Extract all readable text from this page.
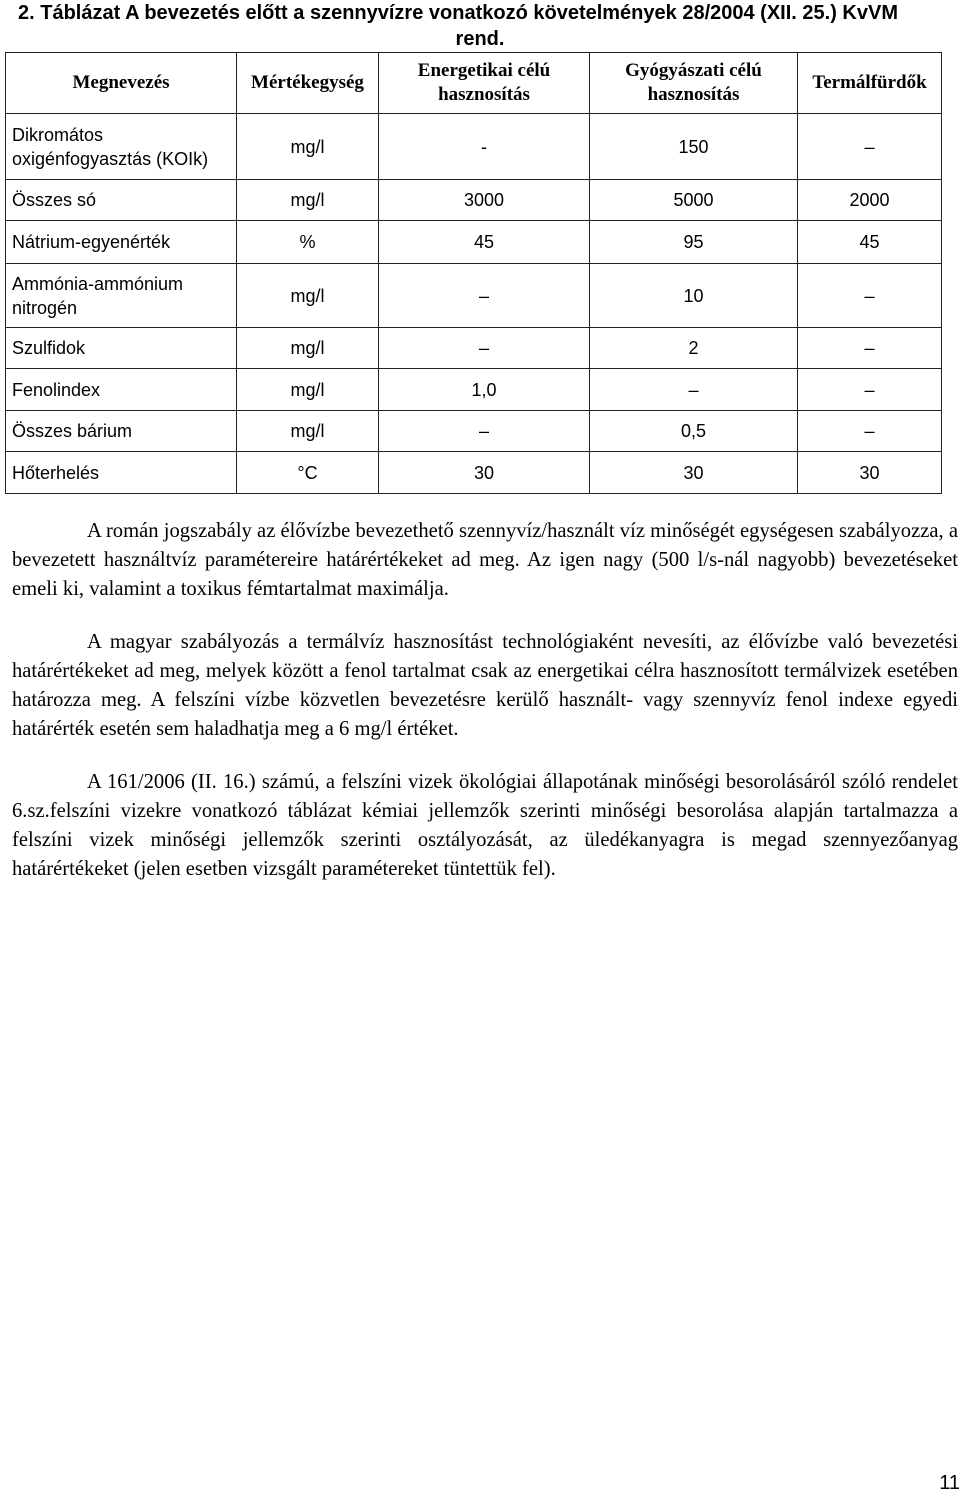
2. Táblázat A bevezetés előtt a szennyvízre vonatkozó követelmények 28/2004 (XII. 25.) KvVM
rend.
Megnevezés	Mértékegység	Energetikai célú hasznosítás	Gyógyászati célú hasznosítás	Termálfürdők
Dikromátos oxigénfogyasztás (KOIk)	mg/l	-	150	–
Összes só	mg/l	3000	5000	2000
Nátrium-egyenérték	%	45	95	45
Ammónia-ammónium nitrogén	mg/l	–	10	–
Szulfidok	mg/l	–	2	–
Fenolindex	mg/l	1,0	–	–
Összes bárium	mg/l	–	0,5	–
Hőterhelés	°C	30	30	30

A román jogszabály az élővízbe bevezethető szennyvíz/használt víz minőségét egységesen szabályozza, a bevezetett használtvíz paramétereire határértékeket ad meg. Az igen nagy (500 l/s-nál nagyobb) bevezetéseket emeli ki, valamint a toxikus fémtartalmat maximálja.

A magyar szabályozás a termálvíz hasznosítást technológiaként nevesíti, az élővízbe való bevezetési határértékeket ad meg, melyek között a fenol tartalmat csak az energetikai célra hasznosított termálvizek esetében határozza meg. A felszíni vízbe közvetlen bevezetésre kerülő használt- vagy szennyvíz fenol indexe egyedi határérték esetén sem haladhatja meg a 6 mg/l értéket.

A 161/2006 (II. 16.) számú, a felszíni vizek ökológiai állapotának minőségi besorolásáról szóló rendelet 6.sz.felszíni vizekre vonatkozó táblázat kémiai jellemzők szerinti minőségi besorolása alapján tartalmazza a felszíni vizek minőségi jellemzők szerinti osztályozását, az üledékanyagra is megad szennyezőanyag határértékeket (jelen esetben vizsgált paramétereket tüntettük fel).

11
